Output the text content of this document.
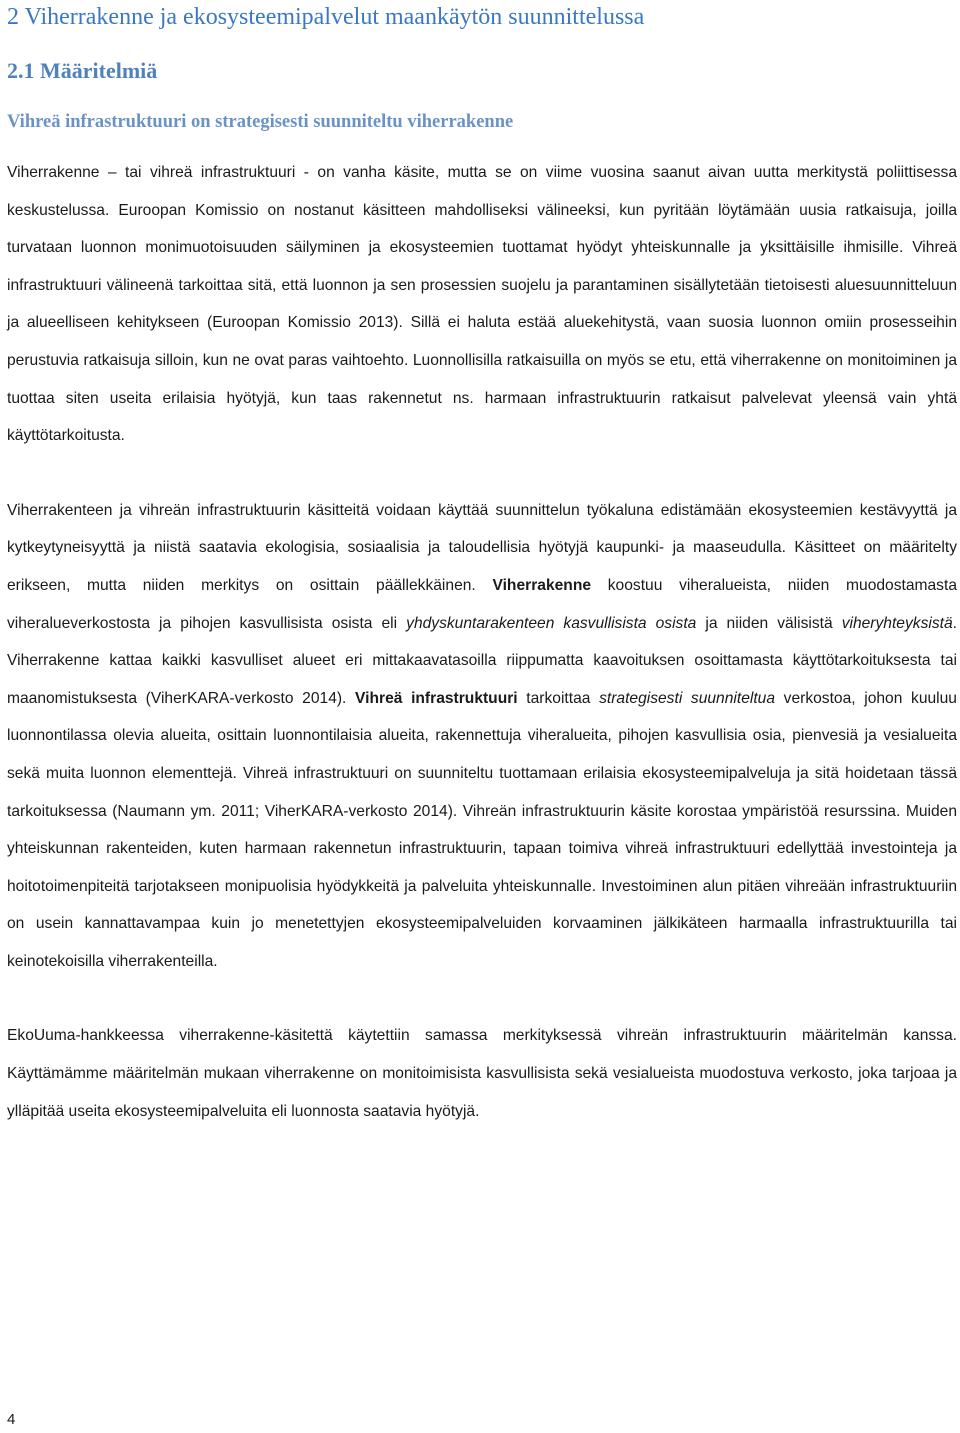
2 Viherrakenne ja ekosysteemipalvelut maankäytön suunnittelussa
2.1 Määritelmiä
Vihreä infrastruktuuri on strategisesti suunniteltu viherrakenne

Viherrakenne – tai vihreä infrastruktuuri - on vanha käsite, mutta se on viime vuosina saanut aivan uutta merkitystä poliittisessa keskustelussa. Euroopan Komissio on nostanut käsitteen mahdolliseksi välineeksi, kun pyritään löytämään uusia ratkaisuja, joilla turvataan luonnon monimuotoisuuden säilyminen ja ekosysteemien tuottamat hyödyt yhteiskunnalle ja yksittäisille ihmisille. Vihreä infrastruktuuri välineenä tarkoittaa sitä, että luonnon ja sen prosessien suojelu ja parantaminen sisällytetään tietoisesti aluesuunnitteluun ja alueelliseen kehitykseen (Euroopan Komissio 2013). Sillä ei haluta estää aluekehitystä, vaan suosia luonnon omiin prosesseihin perustuvia ratkaisuja silloin, kun ne ovat paras vaihtoehto. Luonnollisilla ratkaisuilla on myös se etu, että viherrakenne on monitoiminen ja tuottaa siten useita erilaisia hyötyjä, kun taas rakennetut ns. harmaan infrastruktuurin ratkaisut palvelevat yleensä vain yhtä käyttötarkoitusta.

Viherrakenteen ja vihreän infrastruktuurin käsitteitä voidaan käyttää suunnittelun työkaluna edistämään ekosysteemien kestävyyttä ja kytkeytyneisyyttä ja niistä saatavia ekologisia, sosiaalisia ja taloudellisia hyötyjä kaupunki- ja maaseudulla. Käsitteet on määritelty erikseen, mutta niiden merkitys on osittain päällekkäinen. Viherrakenne koostuu viheralueista, niiden muodostamasta viheralueverkostosta ja pihojen kasvullisista osista eli yhdyskuntarakenteen kasvullisista osista ja niiden välisistä viheryhteyksistä. Viherrakenne kattaa kaikki kasvulliset alueet eri mittakaavatasoilla riippumatta kaavoituksen osoittamasta käyttötarkoituksesta tai maanomistuksesta (ViherKARA-verkosto 2014). Vihreä infrastruktuuri tarkoittaa strategisesti suunniteltua verkostoa, johon kuuluu luonnontilassa olevia alueita, osittain luonnontilaisia alueita, rakennettuja viheralueita, pihojen kasvullisia osia, pienvesiä ja vesialueita sekä muita luonnon elementtejä. Vihreä infrastruktuuri on suunniteltu tuottamaan erilaisia ekosysteemipalveluja ja sitä hoidetaan tässä tarkoituksessa (Naumann ym. 2011; ViherKARA-verkosto 2014). Vihreän infrastruktuurin käsite korostaa ympäristöä resurssina. Muiden yhteiskunnan rakenteiden, kuten harmaan rakennetun infrastruktuurin, tapaan toimiva vihreä infrastruktuuri edellyttää investointeja ja hoitotoimenpiteitä tarjotakseen monipuolisia hyödykkeitä ja palveluita yhteiskunnalle. Investoiminen alun pitäen vihreään infrastruktuuriin on usein kannattavampaa kuin jo menetettyjen ekosysteemipalveluiden korvaaminen jälkikäteen harmaalla infrastruktuurilla tai keinotekoisilla viherrakenteilla.

EkoUuma-hankkeessa viherrakenne-käsitettä käytettiin samassa merkityksessä vihreän infrastruktuurin määritelmän kanssa. Käyttämämme määritelmän mukaan viherrakenne on monitoimisista kasvullisista sekä vesialueista muodostuva verkosto, joka tarjoaa ja ylläpitää useita ekosysteemipalveluita eli luonnosta saatavia hyötyjä.

4
